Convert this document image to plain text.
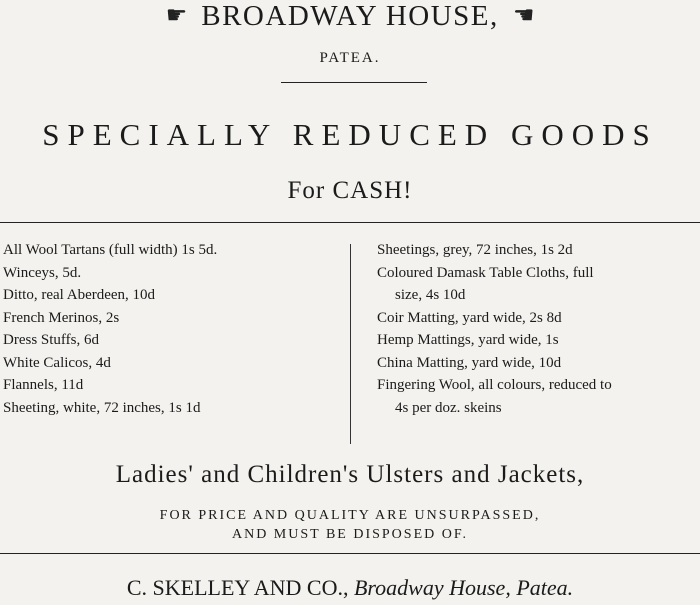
☛ BROADWAY HOUSE, ☛
PATEA.
SPECIALLY REDUCED GOODS
For CASH!
All Wool Tartans (full width) 1s 5d.
Winceys, 5d.
Ditto, real Aberdeen, 10d
French Merinos, 2s
Dress Stuffs, 6d
White Calicos, 4d
Flannels, 11d
Sheeting, white, 72 inches, 1s 1d
Sheetings, grey, 72 inches, 1s 2d
Coloured Damask Table Cloths, full
size, 4s 10d
Coir Matting, yard wide, 2s 8d
Hemp Mattings, yard wide, 1s
China Matting, yard wide, 10d
Fingering Wool, all colours, reduced to
4s per doz. skeins
Ladies' and Children's Ulsters and Jackets,
FOR PRICE AND QUALITY ARE UNSURPASSED,
AND MUST BE DISPOSED OF.
C. SKELLEY AND CO., Broadway House, Patea.
